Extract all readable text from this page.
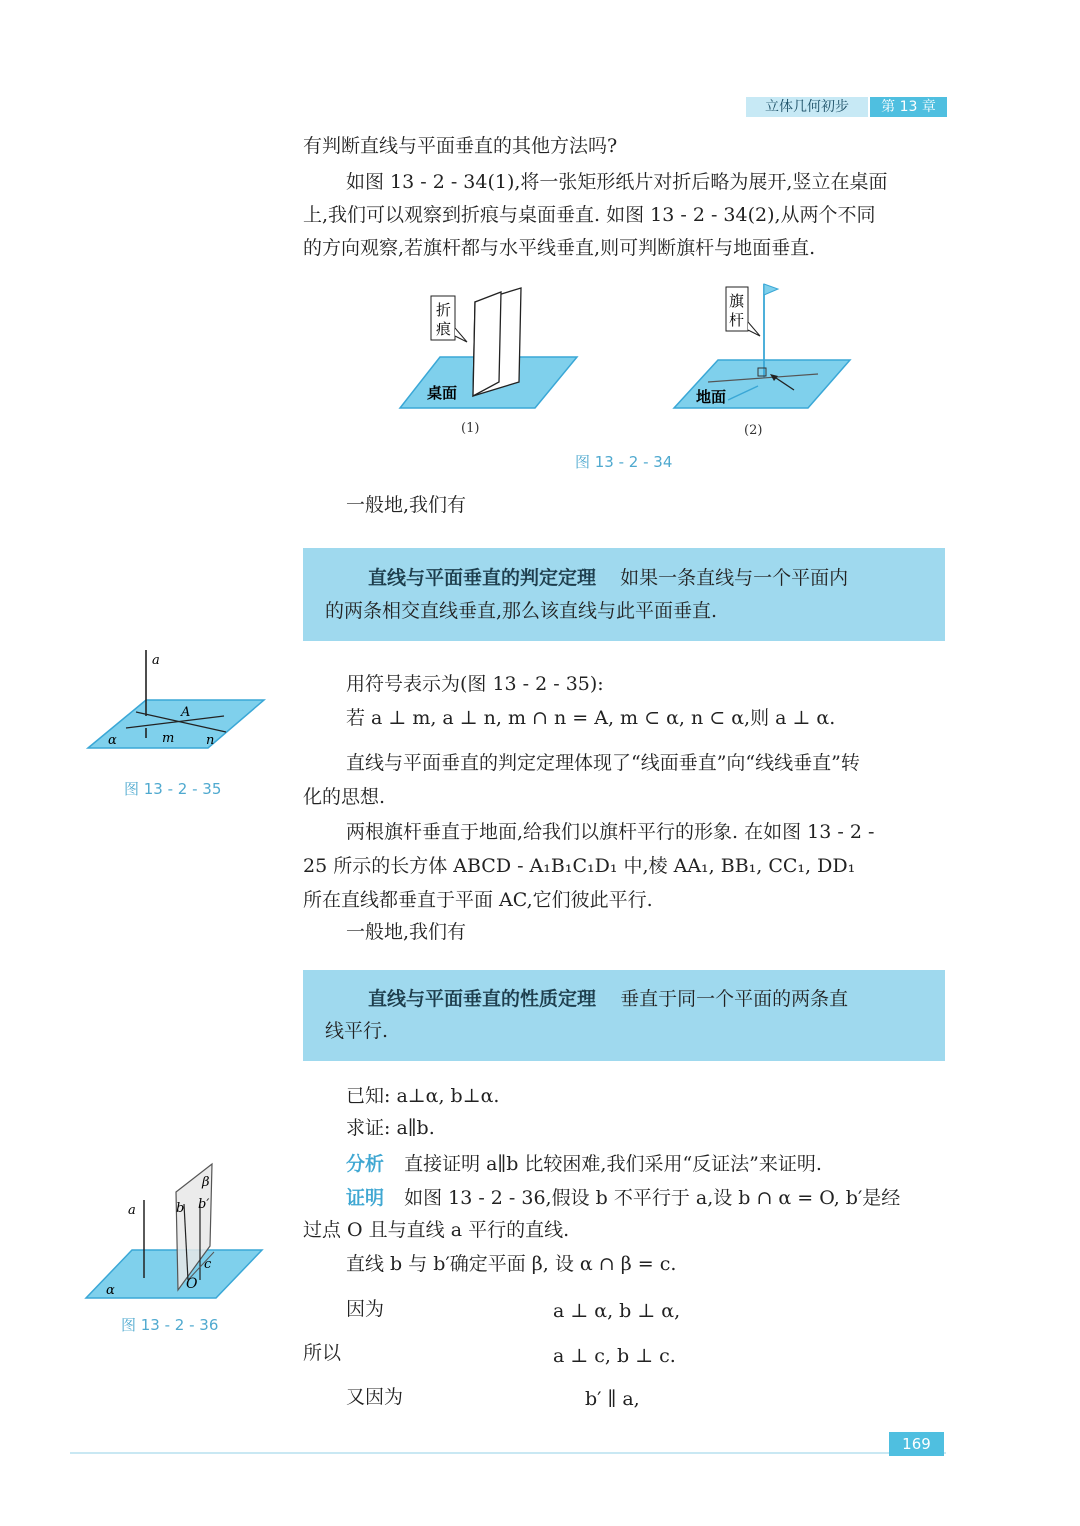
立体几何初步	第 13 章
有判断直线与平面垂直的其他方法吗?
如图 13 - 2 - 34(1),将一张矩形纸片对折后略为展开,竖立在桌面
上,我们可以观察到折痕与桌面垂直. 如图 13 - 2 - 34(2),从两个不同
的方向观察,若旗杆都与水平线垂直,则可判断旗杆与地面垂直.
折
痕
桌面
(1)
旗
杆
地面
(2)
图 13 - 2 - 34
一般地,我们有
直线与平面垂直的判定定理 如果一条直线与一个平面内
的两条相交直线垂直,那么该直线与此平面垂直.
a
A
m n
α
图 13 - 2 - 35
用符号表示为(图 13 - 2 - 35):
若 a ⊥ m, a ⊥ n, m ∩ n = A, m ⊂ α, n ⊂ α,则 a ⊥ α.
直线与平面垂直的判定定理体现了“线面垂直”向“线线垂直”转
化的思想.
两根旗杆垂直于地面,给我们以旗杆平行的形象. 在如图 13 - 2 -
25 所示的长方体 ABCD - A₁B₁C₁D₁ 中,棱 AA₁, BB₁, CC₁, DD₁
所在直线都垂直于平面 AC,它们彼此平行.
一般地,我们有
直线与平面垂直的性质定理 垂直于同一个平面的两条直
线平行.
已知: a⊥α, b⊥α.
求证: a∥b.
分析 直接证明 a∥b 比较困难,我们采用“反证法”来证明.
证明 如图 13 - 2 - 36,假设 b 不平行于 a,设 b ∩ α = O, b′是经
过点 O 且与直线 a 平行的直线.
直线 b 与 b′确定平面 β, 设 α ∩ β = c.
a	b b′
β
c
O
α
图 13 - 2 - 36
因为	a ⊥ α, b ⊥ α,
所以	a ⊥ c, b ⊥ c.
又因为	b′ ∥ a,
169
